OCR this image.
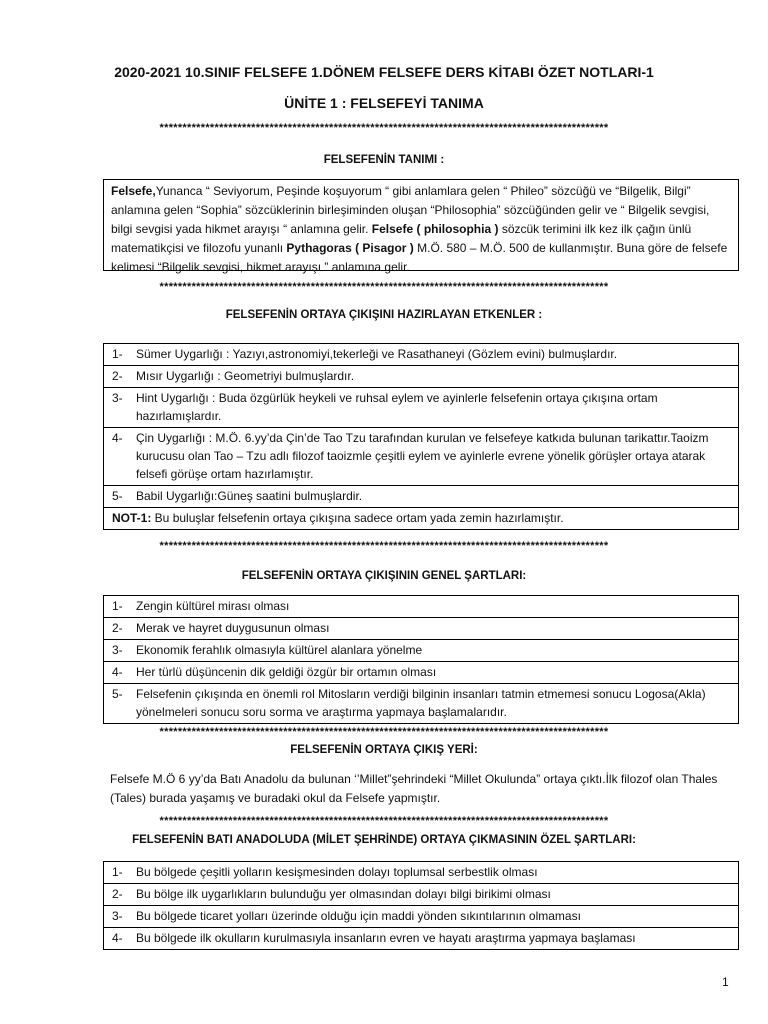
2020-2021 10.SINIF FELSEFE 1.DÖNEM FELSEFE DERS KİTABI ÖZET NOTLARI-1
ÜNİTE 1 : FELSEFEYİ TANIMA
**************************************************************************************************
FELSEFENİN TANIMI :
Felsefe,Yunanca “ Seviyorum, Peşinde koşuyorum “ gibi anlamlara gelen “ Phileo” sözcüğü ve “Bilgelik, Bilgi” anlamına gelen “Sophia” sözcüklerinin birleşiminden oluşan “Philosophia” sözcüğünden gelir ve “ Bilgelik sevgisi, bilgi sevgisi yada hikmet arayışı “ anlamına gelir. Felsefe ( philosophia ) sözcük terimini ilk kez ilk çağın ünlü matematikçisi ve filozofu yunanlı Pythagoras ( Pisagor ) M.Ö. 580 – M.Ö. 500 de kullanmıştır. Buna göre de felsefe kelimesi “Bilgelik sevgisi, hikmet arayışı ” anlamına gelir.
**************************************************************************************************
FELSEFENİN ORTAYA ÇIKIŞINI HAZIRLAYAN ETKENLER :
1-	Sümer Uygarlığı : Yazıyı,astronomiyi,tekerleği ve Rasathaneyi (Gözlem evini) bulmuşlardır.

2-	Mısır Uygarlığı : Geometriyi bulmuşlardır.

3-	Hint Uygarlığı : Buda özgürlük heykeli ve ruhsal eylem ve ayinlerle felsefenin ortaya çıkışına ortam hazırlamışlardır.

4-	Çin Uygarlığı : M.Ö. 6.yy’da Çin’de Tao Tzu tarafından kurulan ve felsefeye katkıda bulunan tarikattır.Taoizm kurucusu olan Tao – Tzu adlı filozof taoizmle çeşitli eylem ve ayinlerle evrene yönelik görüşler ortaya atarak felsefi görüşe ortam hazırlamıştır.

5-	Babil Uygarlığı:Güneş saatini bulmuşlardir.

NOT-1: Bu buluşlar felsefenin ortaya çıkışına sadece ortam yada zemin hazırlamıştır.
**************************************************************************************************
FELSEFENİN ORTAYA ÇIKIŞININ GENEL ŞARTLARI:
1-	Zengin kültürel mirası olması

2-	Merak ve hayret duygusunun olması

3-	Ekonomik ferahlık olmasıyla kültürel alanlara yönelme

4-	Her türlü düşüncenin dik geldiği özgür bir ortamın olması

5-	Felsefenin çıkışında en önemli rol Mitosların verdiği bilginin insanları tatmin etmemesi sonucu Logosa(Akla) yönelmeleri sonucu soru sorma ve araştırma yapmaya başlamalarıdır.
**************************************************************************************************
FELSEFENİN ORTAYA ÇIKIŞ YERİ:
Felsefe M.Ö 6 yy’da Batı Anadolu da bulunan ‘’Millet”şehrindeki “Millet Okulunda” ortaya çıktı.İlk filozof olan Thales (Tales) burada yaşamış ve buradaki okul da Felsefe yapmıştır.
**************************************************************************************************
FELSEFENİN BATI ANADOLUDA (MİLET ŞEHRİNDE) ORTAYA ÇIKMASININ ÖZEL ŞARTLARI:
1-	Bu bölgede çeşitli yolların kesişmesinden dolayı toplumsal serbestlik olması

2-	Bu bölge ilk uygarlıkların bulunduğu yer olmasından dolayı bilgi birikimi olması

3-	Bu bölgede ticaret yolları üzerinde olduğu için maddi yönden sıkıntılarının olmaması

4-	Bu bölgede ilk okulların kurulmasıyla insanların evren ve hayatı araştırma yapmaya başlaması
1
